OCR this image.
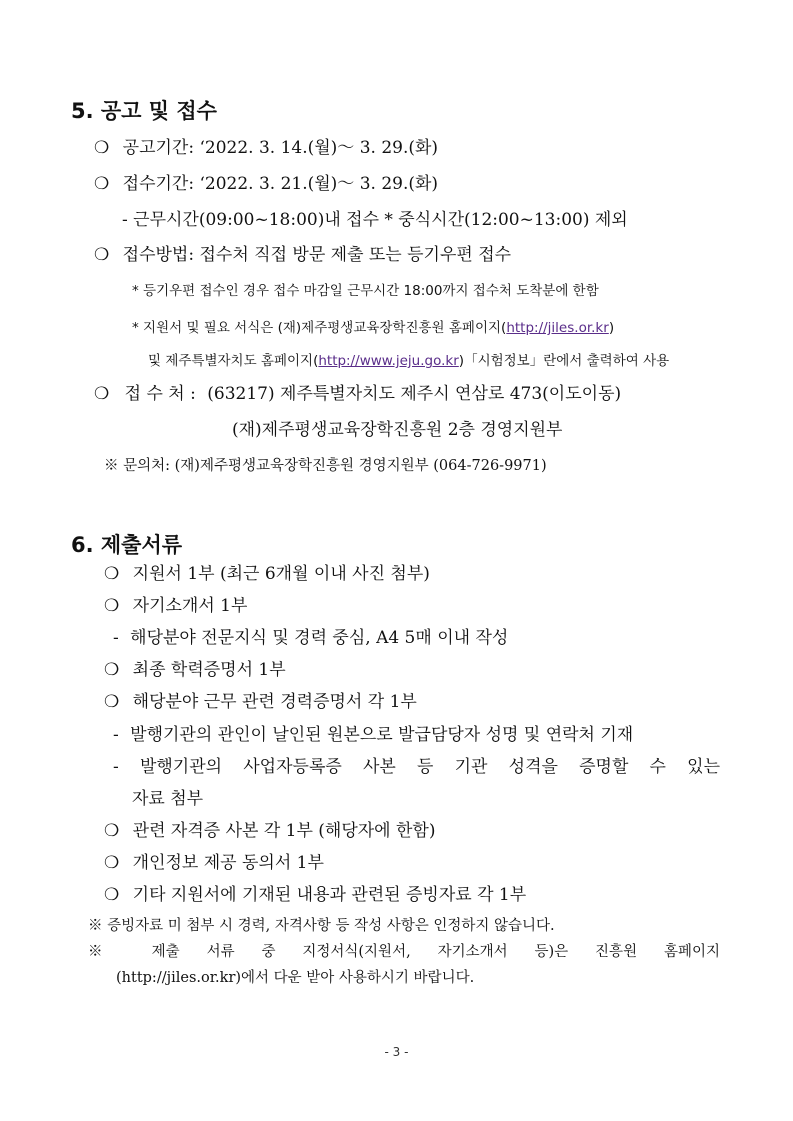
5. 공고 및 접수
❍ 공고기간: ‘2022. 3. 14.(월)～ 3. 29.(화)
❍ 접수기간: ‘2022. 3. 21.(월)～ 3. 29.(화)
- 근무시간(09:00~18:00)내 접수 * 중식시간(12:00~13:00) 제외
❍ 접수방법: 접수처 직접 방문 제출 또는 등기우편 접수
* 등기우편 접수인 경우 접수 마감일 근무시간 18:00까지 접수처 도착분에 한함
* 지원서 및 필요 서식은 (재)제주평생교육장학진흥원 홈페이지(http://jiles.or.kr)
및 제주특별자치도 홈페이지(http://www.jeju.go.kr)「시험정보」란에서 출력하여 사용
❍ 접 수 처 : (63217) 제주특별자치도 제주시 연삼로 473(이도이동)
(재)제주평생교육장학진흥원 2층 경영지원부
※ 문의처: (재)제주평생교육장학진흥원 경영지원부 (064-726-9971)
6. 제출서류
❍ 지원서 1부 (최근 6개월 이내 사진 첨부)
❍ 자기소개서 1부
- 해당분야 전문지식 및 경력 중심, A4 5매 이내 작성
❍ 최종 학력증명서 1부
❍ 해당분야 근무 관련 경력증명서 각 1부
- 발행기관의 관인이 날인된 원본으로 발급담당자 성명 및 연락처 기재
- 발행기관의 사업자등록증 사본 등 기관 성격을 증명할 수 있는
자료 첨부
❍ 관련 자격증 사본 각 1부 (해당자에 한함)
❍ 개인정보 제공 동의서 1부
❍ 기타 지원서에 기재된 내용과 관련된 증빙자료 각 1부
※ 증빙자료 미 첨부 시 경력, 자격사항 등 작성 사항은 인정하지 않습니다.
※ 제출 서류 중 지정서식(지원서, 자기소개서 등)은 진흥원 홈페이지
(http://jiles.or.kr)에서 다운 받아 사용하시기 바랍니다.
- 3 -
